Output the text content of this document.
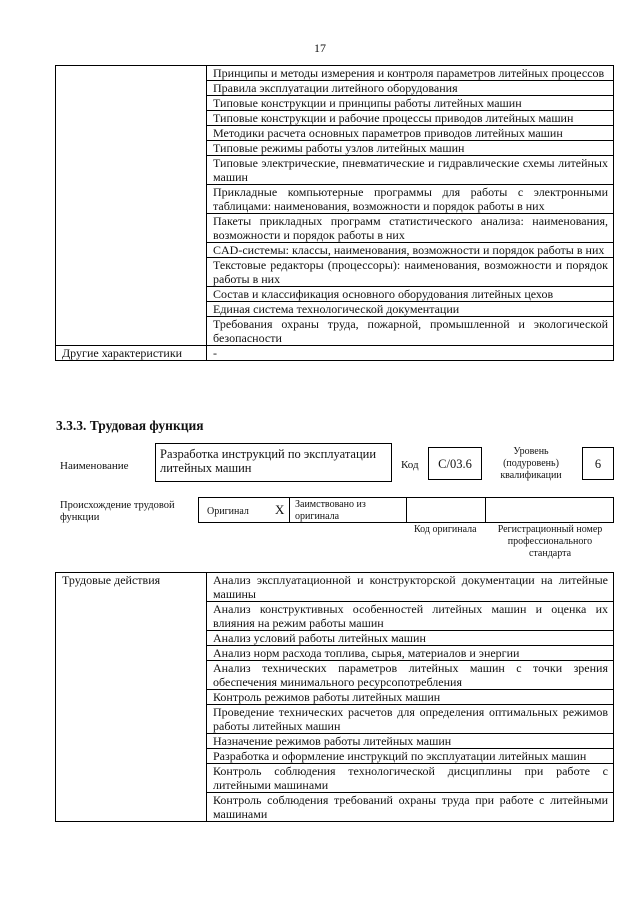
17
	Принципы и методы измерения и контроля параметров литейных процессов
	Правила эксплуатации литейного оборудования
	Типовые конструкции и принципы работы литейных машин
	Типовые конструкции и рабочие процессы приводов литейных машин
	Методики расчета основных параметров приводов литейных машин
	Типовые режимы работы узлов литейных машин
	Типовые электрические, пневматические и гидравлические схемы литейных машин
	Прикладные компьютерные программы для работы с электронными таблицами: наименования, возможности и порядок работы в них
	Пакеты прикладных программ статистического анализа: наименования, возможности и порядок работы в них
	CAD-системы: классы, наименования, возможности и порядок работы в них
	Текстовые редакторы (процессоры): наименования, возможности и порядок работы в них
	Состав и классификация основного оборудования литейных цехов
	Единая система технологической документации
	Требования охраны труда, пожарной, промышленной и экологической безопасности
Другие характеристики	-
3.3.3. Трудовая функция
Наименование
Разработка инструкций по эксплуатации литейных машин	Код	C/03.6
Уровень (подуровень) квалификации
6
Происхождение трудовой функции
Оригинал X Заимствовано из оригинала
Код оригинала	Регистрационный номер профессионального стандарта
Трудовые действия	Анализ эксплуатационной и конструкторской документации на литейные машины
Анализ конструктивных особенностей литейных машин и оценка их влияния на режим работы машин
Анализ условий работы литейных машин
Анализ норм расхода топлива, сырья, материалов и энергии
Анализ технических параметров литейных машин с точки зрения обеспечения минимального ресурсопотребления
Контроль режимов работы литейных машин
Проведение технических расчетов для определения оптимальных режимов работы литейных машин
Назначение режимов работы литейных машин
Разработка и оформление инструкций по эксплуатации литейных машин
Контроль соблюдения технологической дисциплины при работе с литейными машинами
Контроль соблюдения требований охраны труда при работе с литейными машинами
